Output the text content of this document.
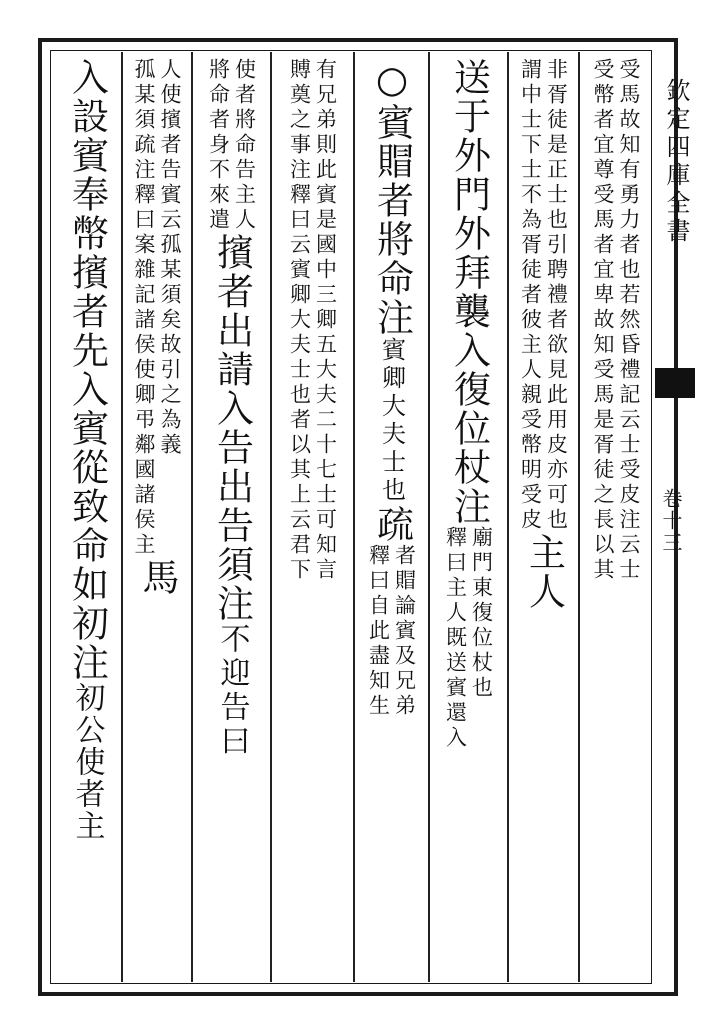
受幣者宜尊受馬者宜卑故知受馬是胥徒之長以其 受馬故知有勇力者也若然昏禮記云士受皮注云士
謂中士下士不為胥徒者彼主人親受幣明受皮 非胥徒是正士也引聘禮者欲見此用皮亦可也
主人
送于外門外拜襲入復位杖注
釋曰主人既送賓還入 廟門東復位杖也
○賓賵者將命注
賓卿大夫士也
疏
釋曰自此盡知生 者賵論賓及兄弟
賻奠之事注釋曰云賓卿大夫士也者以其上云君下 有兄弟則此賓是國中三卿五大夫二十七士可知言
將命者身不來遣 使者將命告主人
擯者出請入告出告須注
不迎告曰
孤某須疏注釋曰案雜記諸侯使卿弔鄰國諸侯主 人使擯者告賓云孤某須矣故引之為義
馬
入設賓奉幣擯者先入賓從致命如初注
初公使者主
欽定四庫全書
卷十三
